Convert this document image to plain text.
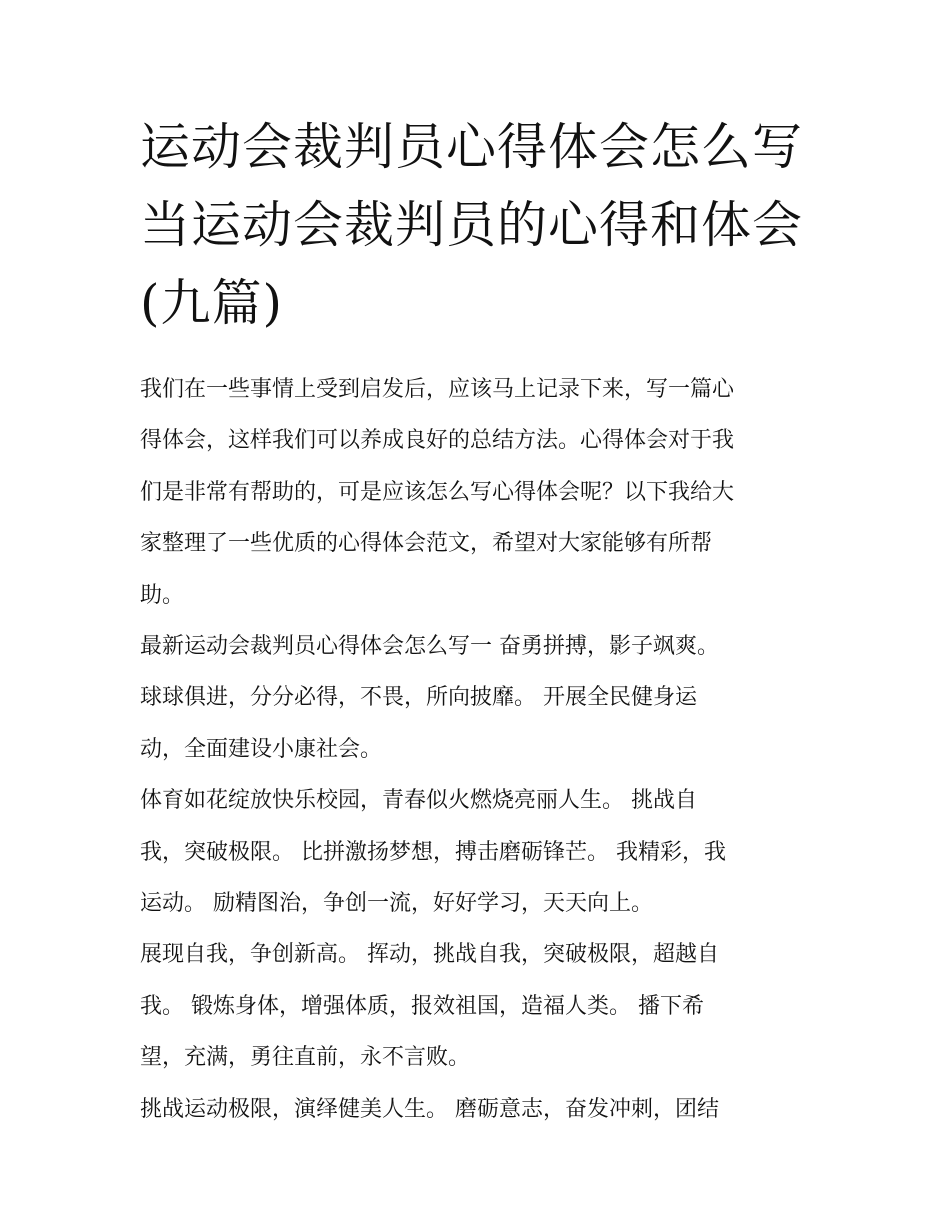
运动会裁判员心得体会怎么写
当运动会裁判员的心得和体会
(九篇)

我们在一些事情上受到启发后，应该马上记录下来，写一篇心
得体会，这样我们可以养成良好的总结方法。心得体会对于我
们是非常有帮助的，可是应该怎么写心得体会呢？以下我给大
家整理了一些优质的心得体会范文，希望对大家能够有所帮
助。

最新运动会裁判员心得体会怎么写一 奋勇拼搏，影子飒爽。
球球俱进，分分必得，不畏，所向披靡。 开展全民健身运
动，全面建设小康社会。

体育如花绽放快乐校园，青春似火燃烧亮丽人生。 挑战自
我，突破极限。 比拼激扬梦想，搏击磨砺锋芒。 我精彩，我
运动。 励精图治，争创一流，好好学习，天天向上。

展现自我，争创新高。 挥动，挑战自我，突破极限，超越自
我。 锻炼身体，增强体质，报效祖国，造福人类。 播下希
望，充满，勇往直前，永不言败。

挑战运动极限，演绎健美人生。 磨砺意志，奋发冲刺，团结
